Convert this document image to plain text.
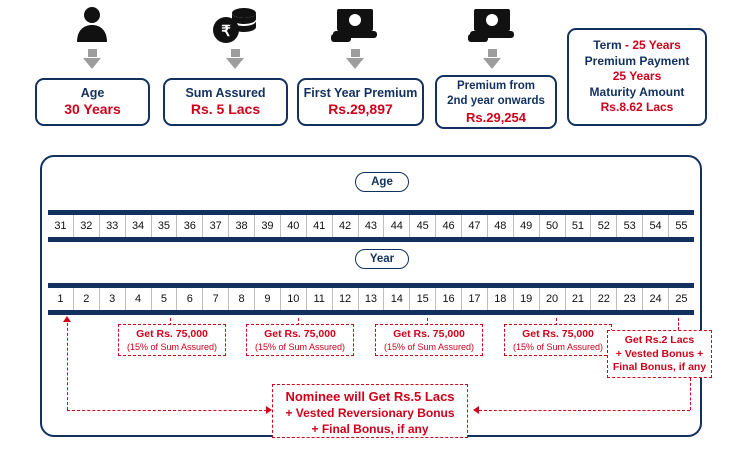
₹
Age
30 Years
Sum Assured
Rs. 5 Lacs
First Year Premium
Rs.29,897
Premium from
2nd year onwards
Rs.29,254
Term - 25 Years
Premium Payment
25 Years
Maturity Amount
Rs.8.62 Lacs
Age
31	32	33	34	35	36	37	38	39	40	41	42	43	44	45	46	47	48	49	50	51	52	53	54	55
Year
1	2	3	4	5	6	7	8	9	10	11	12	13	14	15	16	17	18	19	20	21	22	23	24	25
Get Rs. 75,000
(15% of Sum Assured)
Get Rs. 75,000
(15% of Sum Assured)
Get Rs. 75,000
(15% of Sum Assured)
Get Rs. 75,000
(15% of Sum Assured)
Get Rs.2 Lacs
+ Vested Bonus +
Final Bonus, if any
Nominee will Get Rs.5 Lacs
+ Vested Reversionary Bonus
+ Final Bonus, if any
